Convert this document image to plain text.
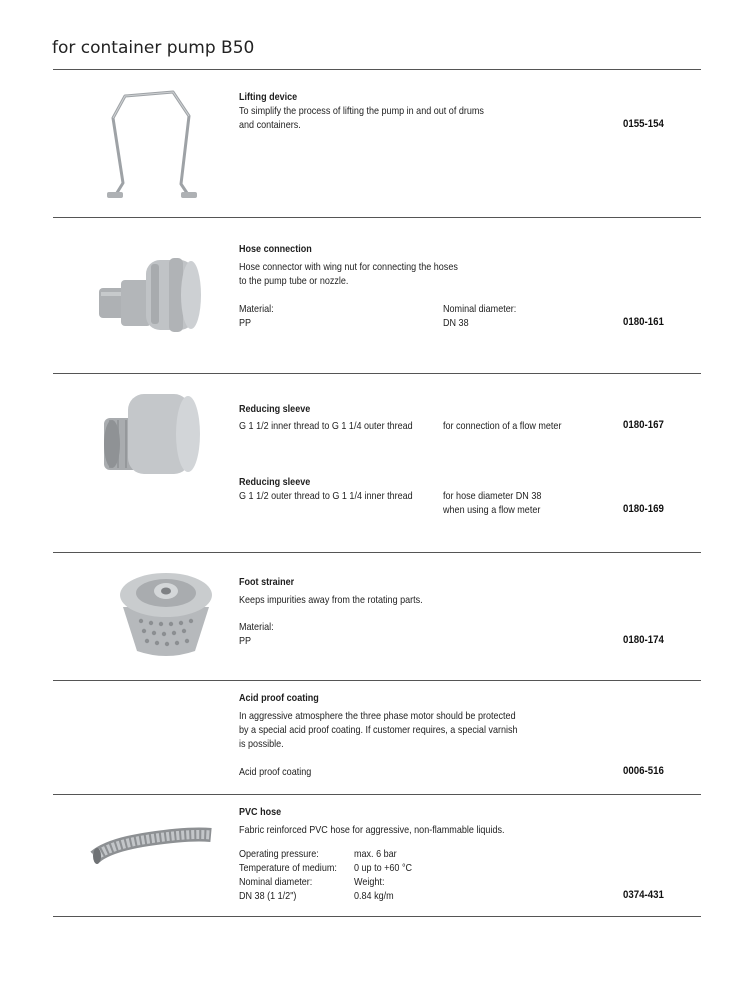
for container pump B50
Lifting device
To simplify the process of lifting the pump in and out of drums
and containers.	0155-154
Hose connection
Hose connector with wing nut for connecting the hoses
to the pump tube or nozzle.
Material:
PP
Nominal diameter:
DN 38	0180-161
Reducing sleeve
G 1 1/2 inner thread to G 1 1/4 outer thread	for connection of a flow meter	0180-167
Reducing sleeve
G 1 1/2 outer thread to G 1 1/4 inner thread	for hose diameter DN 38
when using a flow meter	0180-169
Foot strainer
Keeps impurities away from the rotating parts.
Material:
PP	0180-174
Acid proof coating
In aggressive atmosphere the three phase motor should be protected
by a special acid proof coating. If customer requires, a special varnish
is possible.
Acid proof coating	0006-516
PVC hose
Fabric reinforced PVC hose for aggressive, non-flammable liquids.
Operating pressure:	max. 6 bar
Temperature of medium: 0 up to +60 °C
Nominal diameter:	Weight:
DN 38 (1 1/2")	0.84 kg/m	0374-431
